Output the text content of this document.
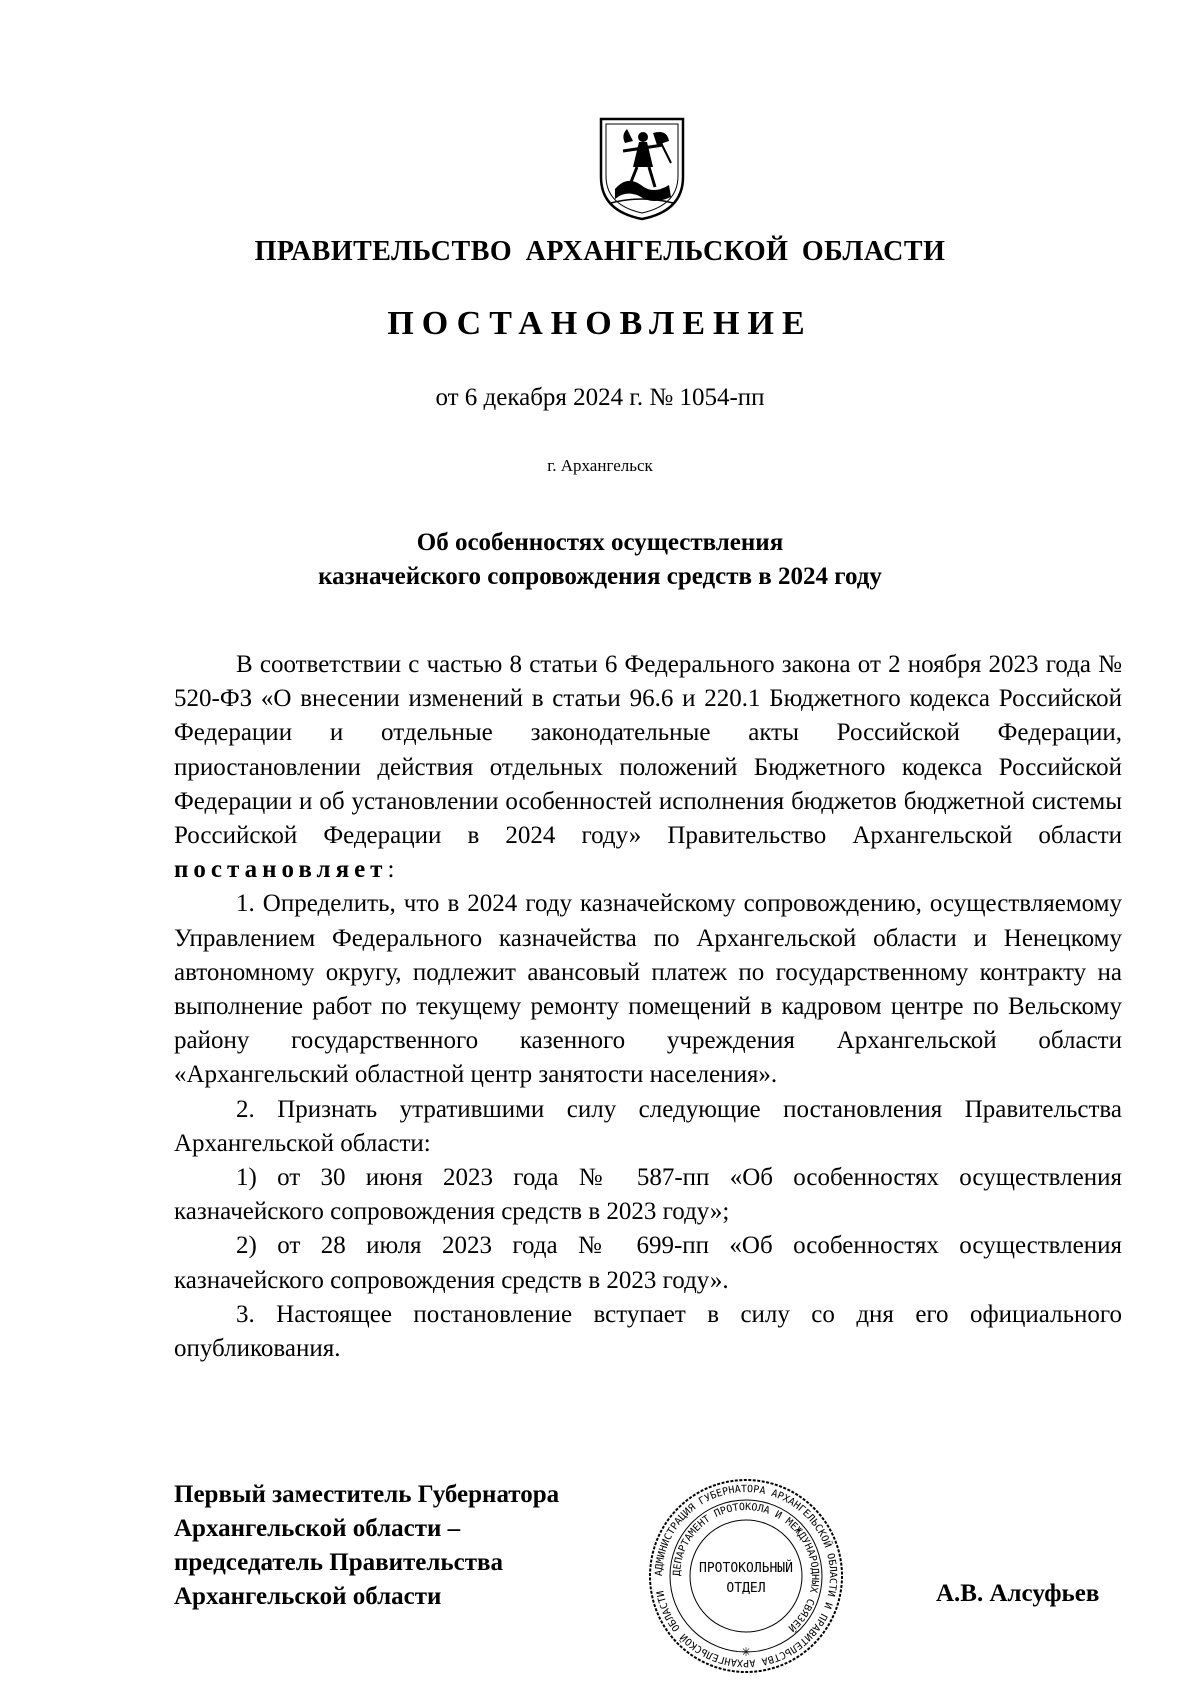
ПРАВИТЕЛЬСТВО АРХАНГЕЛЬСКОЙ ОБЛАСТИ
ПОСТАНОВЛЕНИЕ
от 6 декабря 2024 г. № 1054-пп
г. Архангельск
Об особенностях осуществления
казначейского сопровождения средств в 2024 году

В соответствии с частью 8 статьи 6 Федерального закона от 2 ноября 2023 года № 520-ФЗ «О внесении изменений в статьи 96.6 и 220.1 Бюджетного кодекса Российской Федерации и отдельные законодательные акты Российской Федерации, приостановлении действия отдельных положений Бюджетного кодекса Российской Федерации и об установлении особенностей исполнения бюджетов бюджетной системы Российской Федерации в 2024 году» Правительство Архангельской области постановляет:

1. Определить, что в 2024 году казначейскому сопровождению, осуществляемому Управлением Федерального казначейства по Архангельской области и Ненецкому автономному округу, подлежит авансовый платеж по государственному контракту на выполнение работ по текущему ремонту помещений в кадровом центре по Вельскому району государственного казенного учреждения Архангельской области «Архангельский областной центр занятости населения».

2. Признать утратившими силу следующие постановления Правительства Архангельской области:

1) от 30 июня 2023 года № 587-пп «Об особенностях осуществления казначейского сопровождения средств в 2023 году»;

2) от 28 июля 2023 года № 699-пп «Об особенностях осуществления казначейского сопровождения средств в 2023 году».

3. Настоящее постановление вступает в силу со дня его официального опубликования.

Первый заместитель Губернатора
Архангельской области –
председатель Правительства
Архангельской области
АДМИНИСТРАЦИЯ ГУБЕРНАТОРА АРХАНГЕЛЬСКОЙ ОБЛАСТИ И ПРАВИТЕЛЬСТВА АРХАНГЕЛЬСКОЙ ОБЛАСТИ
ДЕПАРТАМЕНТ ПРОТОКОЛА И МЕЖДУНАРОДНЫХ СВЯЗЕЙ
ПРОТОКОЛЬНЫЙ
ОТДЕЛ
✳
А.В. Алсуфьев
